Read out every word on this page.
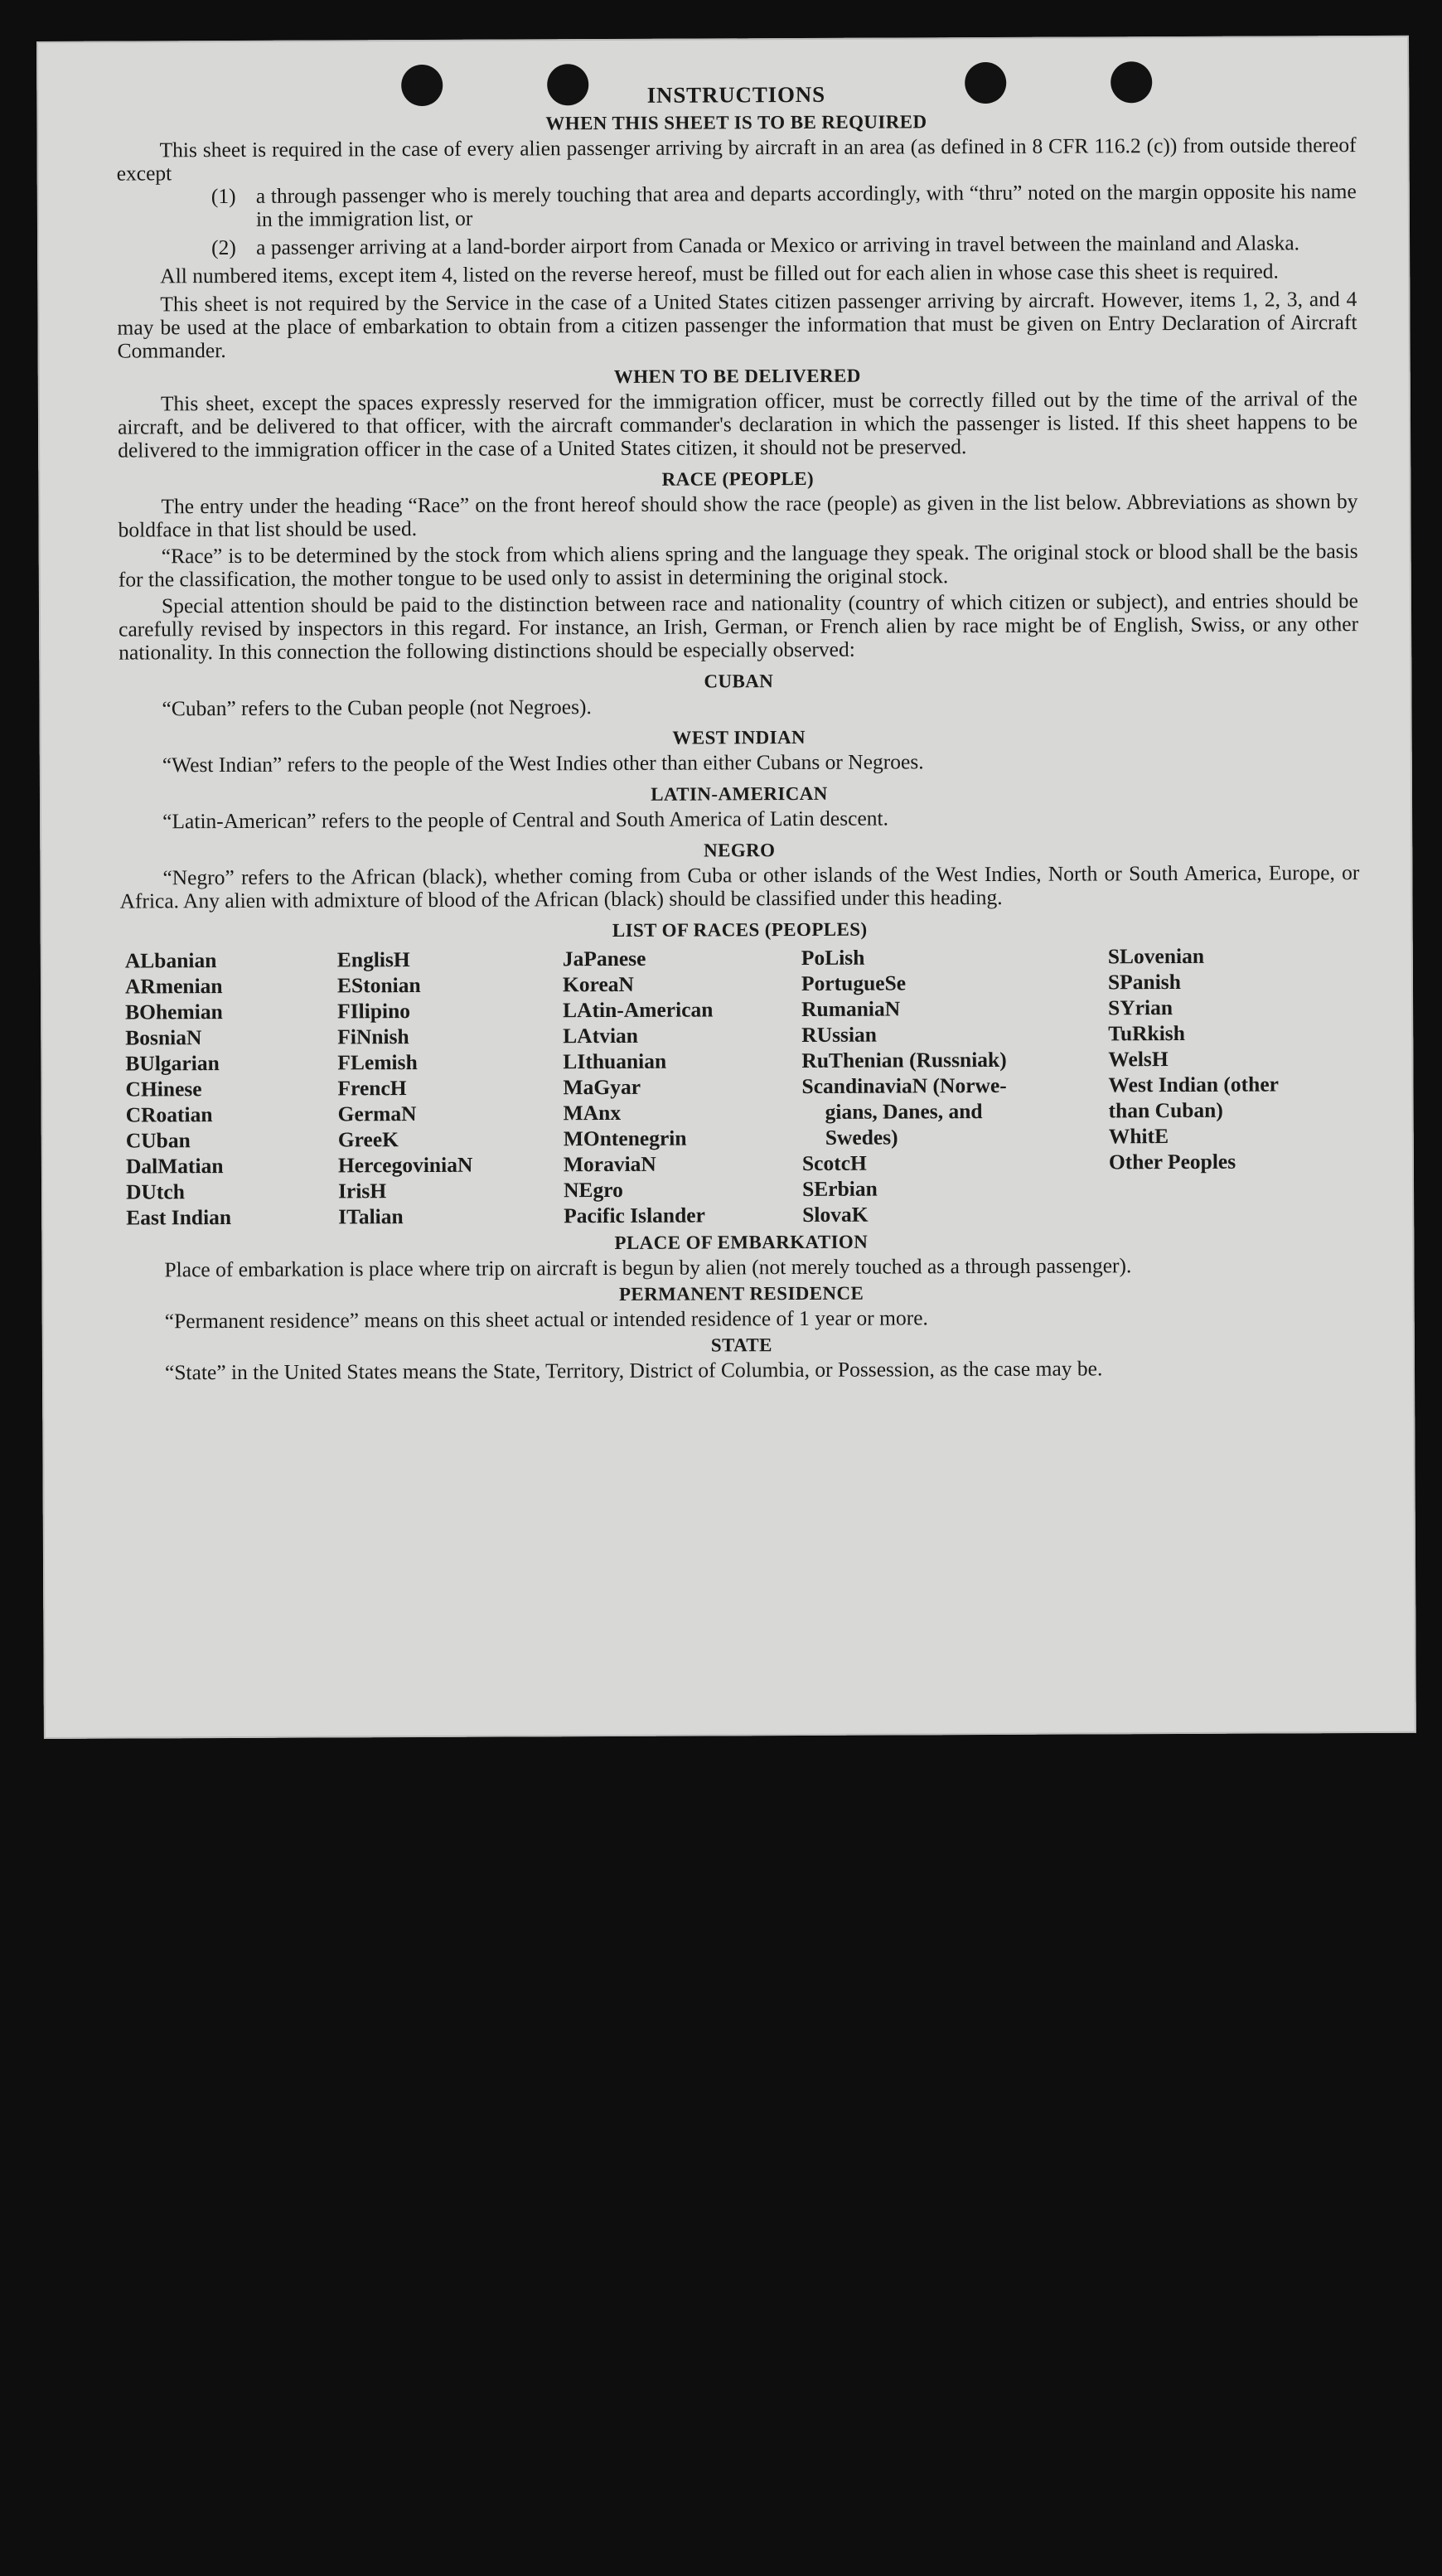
INSTRUCTIONS
WHEN THIS SHEET IS TO BE REQUIRED

This sheet is required in the case of every alien passenger arriving by aircraft in an area (as defined in 8 CFR 116.2 (c)) from outside thereof except

(1) a through passenger who is merely touching that area and departs accordingly, with “thru” noted on the margin opposite his name in the immigration list, or
(2) a passenger arriving at a land-border airport from Canada or Mexico or arriving in travel between the mainland and Alaska.

All numbered items, except item 4, listed on the reverse hereof, must be filled out for each alien in whose case this sheet is required.

This sheet is not required by the Service in the case of a United States citizen passenger arriving by aircraft. However, items 1, 2, 3, and 4 may be used at the place of embarkation to obtain from a citizen passenger the information that must be given on Entry Declaration of Aircraft Commander.

WHEN TO BE DELIVERED

This sheet, except the spaces expressly reserved for the immigration officer, must be correctly filled out by the time of the arrival of the aircraft, and be delivered to that officer, with the aircraft commander's declaration in which the passenger is listed. If this sheet happens to be delivered to the immigration officer in the case of a United States citizen, it should not be preserved.

RACE (PEOPLE)

The entry under the heading “Race” on the front hereof should show the race (people) as given in the list below. Abbreviations as shown by boldface in that list should be used.

“Race” is to be determined by the stock from which aliens spring and the language they speak. The original stock or blood shall be the basis for the classification, the mother tongue to be used only to assist in determining the original stock.

Special attention should be paid to the distinction between race and nationality (country of which citizen or subject), and entries should be carefully revised by inspectors in this regard. For instance, an Irish, German, or French alien by race might be of English, Swiss, or any other nationality. In this connection the following distinctions should be especially observed:

CUBAN

“Cuban” refers to the Cuban people (not Negroes).

WEST INDIAN

“West Indian” refers to the people of the West Indies other than either Cubans or Negroes.

LATIN-AMERICAN

“Latin-American” refers to the people of Central and South America of Latin descent.

NEGRO

“Negro” refers to the African (black), whether coming from Cuba or other islands of the West Indies, North or South America, Europe, or Africa. Any alien with admixture of blood of the African (black) should be classified under this heading.

LIST OF RACES (PEOPLES)
ALbanian
ARmenian
BOhemian
BosniaN
BUlgarian
CHinese
CRoatian
CUban
DalMatian
DUtch
East Indian
EnglisH
EStonian
FIlipino
FiNnish
FLemish
FrencH
GermaN
GreeK
HercegoviniaN
IrisH
ITalian
JaPanese
KoreaN
LAtin-American
LAtvian
LIthuanian
MaGyar
MAnx
MOntenegrin
MoraviaN
NEgro
Pacific Islander
PoLish
PortugueSe
RumaniaN
RUssian
RuThenian (Russniak)
ScandinaviaN (Norwe-
gians, Danes, and
Swedes)
ScotcH
SErbian
SlovaK
SLovenian
SPanish
SYrian
TuRkish
WelsH
West Indian (other
than Cuban)
WhitE
Other Peoples
PLACE OF EMBARKATION

Place of embarkation is place where trip on aircraft is begun by alien (not merely touched as a through passenger).

PERMANENT RESIDENCE

“Permanent residence” means on this sheet actual or intended residence of 1 year or more.

STATE

“State” in the United States means the State, Territory, District of Columbia, or Possession, as the case may be.
